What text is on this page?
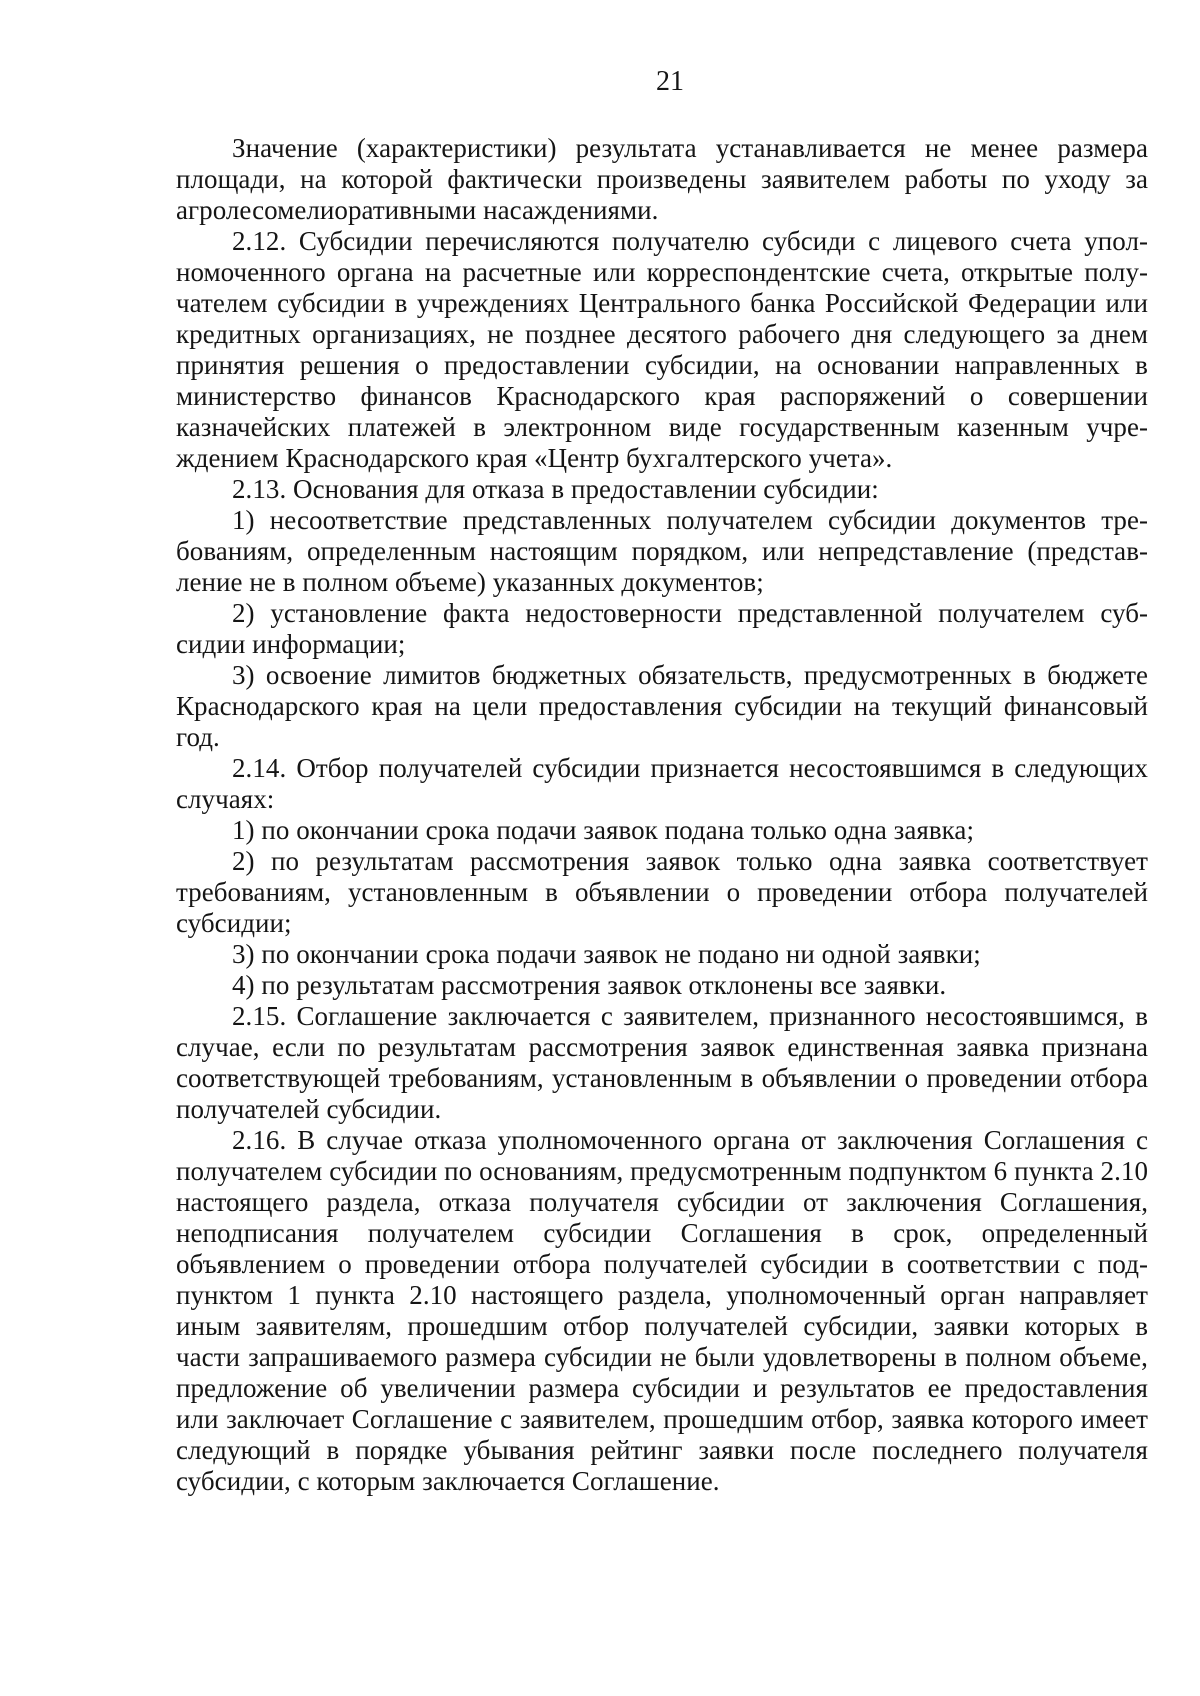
21

Значение (характеристики) результата устанавливается не менее размера площади, на которой фактически произведены заявителем работы по уходу за агролесомелиоративными насаждениями.

2.12. Субсидии перечисляются получателю субсиди с лицевого счета уполномоченного органа на расчетные или корреспондентские счета, открытые получателем субсидии в учреждениях Центрального банка Российской Федерации или кредитных организациях, не позднее десятого рабочего дня следующего за днем принятия решения о предоставлении субсидии, на основании направленных в министерство финансов Краснодарского края распоряжений о совершении казначейских платежей в электронном виде государственным казенным учреждением Краснодарского края «Центр бухгалтерского учета».

2.13. Основания для отказа в предоставлении субсидии:

1) несоответствие представленных получателем субсидии документов требованиям, определенным настоящим порядком, или непредставление (представление не в полном объеме) указанных документов;

2) установление факта недостоверности представленной получателем субсидии информации;

3) освоение лимитов бюджетных обязательств, предусмотренных в бюджете Краснодарского края на цели предоставления субсидии на текущий финансовый год.

2.14. Отбор получателей субсидии признается несостоявшимся в следующих случаях:

1) по окончании срока подачи заявок подана только одна заявка;

2) по результатам рассмотрения заявок только одна заявка соответствует требованиям, установленным в объявлении о проведении отбора получателей субсидии;

3) по окончании срока подачи заявок не подано ни одной заявки;

4) по результатам рассмотрения заявок отклонены все заявки.

2.15. Соглашение заключается с заявителем, признанного несостоявшимся, в случае, если по результатам рассмотрения заявок единственная заявка признана соответствующей требованиям, установленным в объявлении о проведении отбора получателей субсидии.

2.16. В случае отказа уполномоченного органа от заключения Соглашения с получателем субсидии по основаниям, предусмотренным подпунктом 6 пункта 2.10 настоящего раздела, отказа получателя субсидии от заключения Соглашения, неподписания получателем субсидии Соглашения в срок, определенный объявлением о проведении отбора получателей субсидии в соответствии с подпунктом 1 пункта 2.10 настоящего раздела, уполномоченный орган направляет иным заявителям, прошедшим отбор получателей субсидии, заявки которых в части запрашиваемого размера субсидии не были удовлетворены в полном объеме, предложение об увеличении размера субсидии и результатов ее предоставления или заключает Соглашение с заявителем, прошедшим отбор, заявка которого имеет следующий в порядке убывания рейтинг заявки после последнего получателя субсидии, с которым заключается Соглашение.
